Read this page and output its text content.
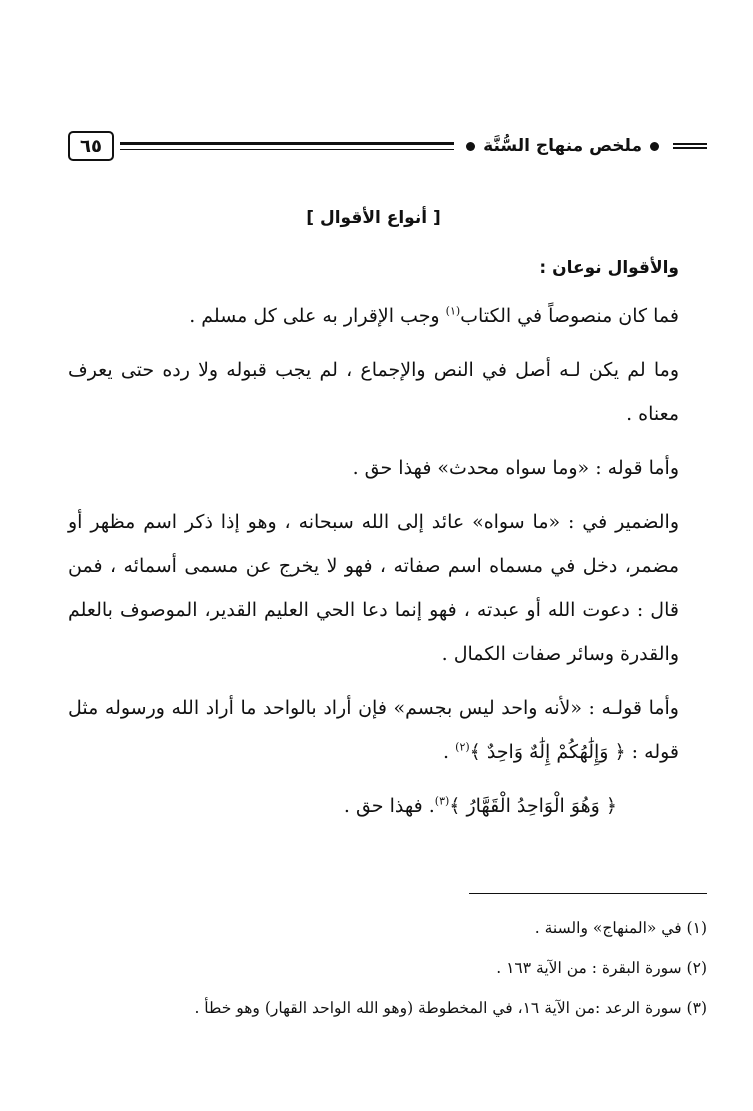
ملخص منهاج السُّنَّة
٦٥
[ أنواع الأقوال ]
والأقوال نوعان :

فما كان منصوصاً في الكتاب$^{(١)}$ وجب الإقرار به على كل مسلم .

وما لم يكن لـه أصل في النص والإجماع ، لم يجب قبوله ولا رده حتى يعرف معناه .

وأما قوله : «وما سواه محدث» فهذا حق .

والضمير في : «ما سواه» عائد إلى الله سبحانه ، وهو إذا ذكر اسم مظهر أو مضمر، دخل في مسماه اسم صفاته ، فهو لا يخرج عن مسمى أسمائه ، فمن قال : دعوت الله أو عبدته ، فهو إنما دعا الحي العليم القدير، الموصوف بالعلم والقدرة وسائر صفات الكمال .

وأما قولـه : «لأنه واحد ليس بجسم» فإن أراد بالواحد ما أراد الله ورسوله مثل قوله : ﴿ وَإِلَٰهُكُمْ إِلَٰهٌ وَاحِدٌ ﴾$^{(٢)}$ .

﴿ وَهُوَ الْوَاحِدُ الْقَهَّارُ ﴾$^{(٣)}$. فهذا حق .

(١) في «المنهاج» والسنة .
(٢) سورة البقرة : من الآية ١٦٣ .
(٣) سورة الرعد :من الآية ١٦، في المخطوطة (وهو الله الواحد القهار) وهو خطأ .
